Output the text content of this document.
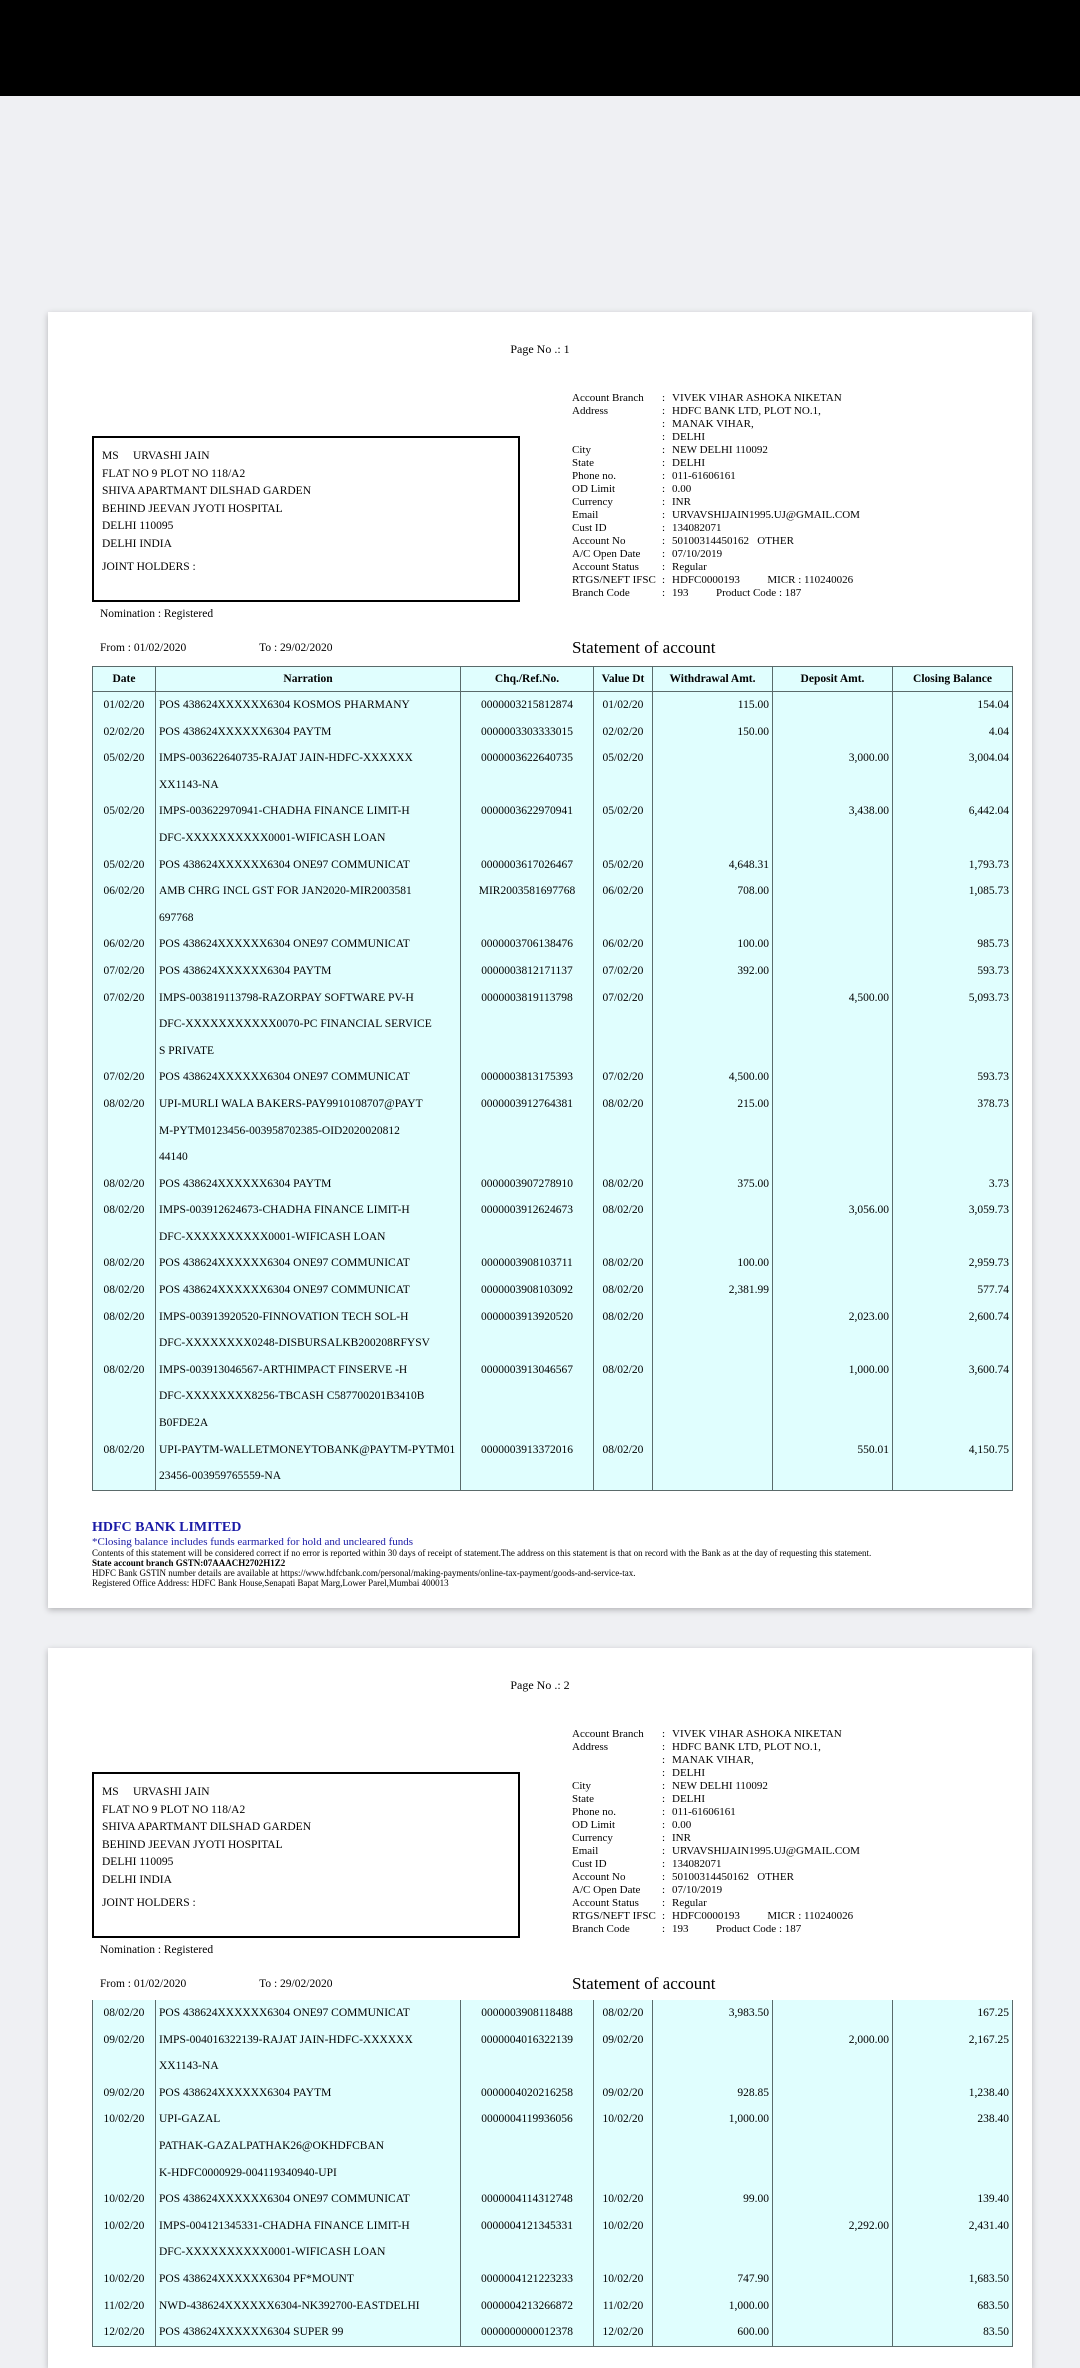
Page No .: 1
Account Branch	: VIVEK VIHAR ASHOKA NIKETAN
Address	: HDFC BANK LTD, PLOT NO.1,
: MANAK VIHAR,
: DELHI
City	: NEW DELHI 110092
State	: DELHI
Phone no.	: 011-61606161
OD Limit	: 0.00
Currency	: INR
Email	: URVAVSHIJAIN1995.UJ@GMAIL.COM
Cust ID	: 134082071
Account No	: 50100314450162   OTHER
A/C Open Date	: 07/10/2019
Account Status	: Regular
RTGS/NEFT IFSC : HDFC0000193          MICR : 110240026
Branch Code	: 193          Product Code : 187
MS     URVASHI JAIN
FLAT NO 9 PLOT NO 118/A2
SHIVA APARTMANT DILSHAD GARDEN
BEHIND JEEVAN JYOTI HOSPITAL
DELHI 110095
DELHI INDIA
JOINT HOLDERS :
Nomination : Registered
From : 01/02/2020	To : 29/02/2020	Statement of account
Date	Narration	Chq./Ref.No.	Value Dt	Withdrawal Amt.	Deposit Amt.	Closing Balance
01/02/20	POS 438624XXXXXX6304 KOSMOS PHARMANY	0000003215812874	01/02/20	115.00		154.04
02/02/20	POS 438624XXXXXX6304 PAYTM	0000003303333015	02/02/20	150.00		4.04
05/02/20	IMPS-003622640735-RAJAT JAIN-HDFC-XXXXXX	0000003622640735	05/02/20		3,000.00	3,004.04
	XX1143-NA					
05/02/20	IMPS-003622970941-CHADHA FINANCE LIMIT-H	0000003622970941	05/02/20		3,438.00	6,442.04
	DFC-XXXXXXXXXX0001-WIFICASH LOAN					
05/02/20	POS 438624XXXXXX6304 ONE97 COMMUNICAT	0000003617026467	05/02/20	4,648.31		1,793.73
06/02/20	AMB CHRG INCL GST FOR JAN2020-MIR2003581	MIR2003581697768	06/02/20	708.00		1,085.73
	697768					
06/02/20	POS 438624XXXXXX6304 ONE97 COMMUNICAT	0000003706138476	06/02/20	100.00		985.73
07/02/20	POS 438624XXXXXX6304 PAYTM	0000003812171137	07/02/20	392.00		593.73
07/02/20	IMPS-003819113798-RAZORPAY SOFTWARE PV-H	0000003819113798	07/02/20		4,500.00	5,093.73
	DFC-XXXXXXXXXXX0070-PC FINANCIAL SERVICE					
	S PRIVATE					
07/02/20	POS 438624XXXXXX6304 ONE97 COMMUNICAT	0000003813175393	07/02/20	4,500.00		593.73
08/02/20	UPI-MURLI WALA BAKERS-PAY9910108707@PAYT	0000003912764381	08/02/20	215.00		378.73
	M-PYTM0123456-003958702385-OID2020020812					
	44140					
08/02/20	POS 438624XXXXXX6304 PAYTM	0000003907278910	08/02/20	375.00		3.73
08/02/20	IMPS-003912624673-CHADHA FINANCE LIMIT-H	0000003912624673	08/02/20		3,056.00	3,059.73
	DFC-XXXXXXXXXX0001-WIFICASH LOAN					
08/02/20	POS 438624XXXXXX6304 ONE97 COMMUNICAT	0000003908103711	08/02/20	100.00		2,959.73
08/02/20	POS 438624XXXXXX6304 ONE97 COMMUNICAT	0000003908103092	08/02/20	2,381.99		577.74
08/02/20	IMPS-003913920520-FINNOVATION TECH SOL-H	0000003913920520	08/02/20		2,023.00	2,600.74
	DFC-XXXXXXXX0248-DISBURSALKB200208RFYSV					
08/02/20	IMPS-003913046567-ARTHIMPACT FINSERVE -H	0000003913046567	08/02/20		1,000.00	3,600.74
	DFC-XXXXXXXX8256-TBCASH C587700201B3410B					
	B0FDE2A					
08/02/20	UPI-PAYTM-WALLETMONEYTOBANK@PAYTM-PYTM01	0000003913372016	08/02/20		550.01	4,150.75
	23456-003959765559-NA					
HDFC BANK LIMITED
*Closing balance includes funds earmarked for hold and uncleared funds
Contents of this statement will be considered correct if no error is reported within 30 days of receipt of statement.The address on this statement is that on record with the Bank as at the day of requesting this statement.
State account branch GSTN:07AAACH2702H1Z2
HDFC Bank GSTIN number details are available at https://www.hdfcbank.com/personal/making-payments/online-tax-payment/goods-and-service-tax.
Registered Office Address: HDFC Bank House,Senapati Bapat Marg,Lower Parel,Mumbai 400013
Page No .: 2
Account Branch	: VIVEK VIHAR ASHOKA NIKETAN
Address	: HDFC BANK LTD, PLOT NO.1,
: MANAK VIHAR,
: DELHI
City	: NEW DELHI 110092
State	: DELHI
Phone no.	: 011-61606161
OD Limit	: 0.00
Currency	: INR
Email	: URVAVSHIJAIN1995.UJ@GMAIL.COM
Cust ID	: 134082071
Account No	: 50100314450162   OTHER
A/C Open Date	: 07/10/2019
Account Status	: Regular
RTGS/NEFT IFSC : HDFC0000193          MICR : 110240026
Branch Code	: 193          Product Code : 187
MS     URVASHI JAIN
FLAT NO 9 PLOT NO 118/A2
SHIVA APARTMANT DILSHAD GARDEN
BEHIND JEEVAN JYOTI HOSPITAL
DELHI 110095
DELHI INDIA
JOINT HOLDERS :
Nomination : Registered
From : 01/02/2020	To : 29/02/2020	Statement of account
08/02/20	POS 438624XXXXXX6304 ONE97 COMMUNICAT	0000003908118488	08/02/20	3,983.50		167.25
09/02/20	IMPS-004016322139-RAJAT JAIN-HDFC-XXXXXX	0000004016322139	09/02/20		2,000.00	2,167.25
	XX1143-NA					
09/02/20	POS 438624XXXXXX6304 PAYTM	0000004020216258	09/02/20	928.85		1,238.40
10/02/20	UPI-GAZAL	0000004119936056	10/02/20	1,000.00		238.40
	PATHAK-GAZALPATHAK26@OKHDFCBAN					
	K-HDFC0000929-004119340940-UPI					
10/02/20	POS 438624XXXXXX6304 ONE97 COMMUNICAT	0000004114312748	10/02/20	99.00		139.40
10/02/20	IMPS-004121345331-CHADHA FINANCE LIMIT-H	0000004121345331	10/02/20		2,292.00	2,431.40
	DFC-XXXXXXXXXX0001-WIFICASH LOAN					
10/02/20	POS 438624XXXXXX6304 PF*MOUNT	0000004121223233	10/02/20	747.90		1,683.50
11/02/20	NWD-438624XXXXXX6304-NK392700-EASTDELHI	0000004213266872	11/02/20	1,000.00		683.50
12/02/20	POS 438624XXXXXX6304 SUPER 99	0000000000012378	12/02/20	600.00		83.50
